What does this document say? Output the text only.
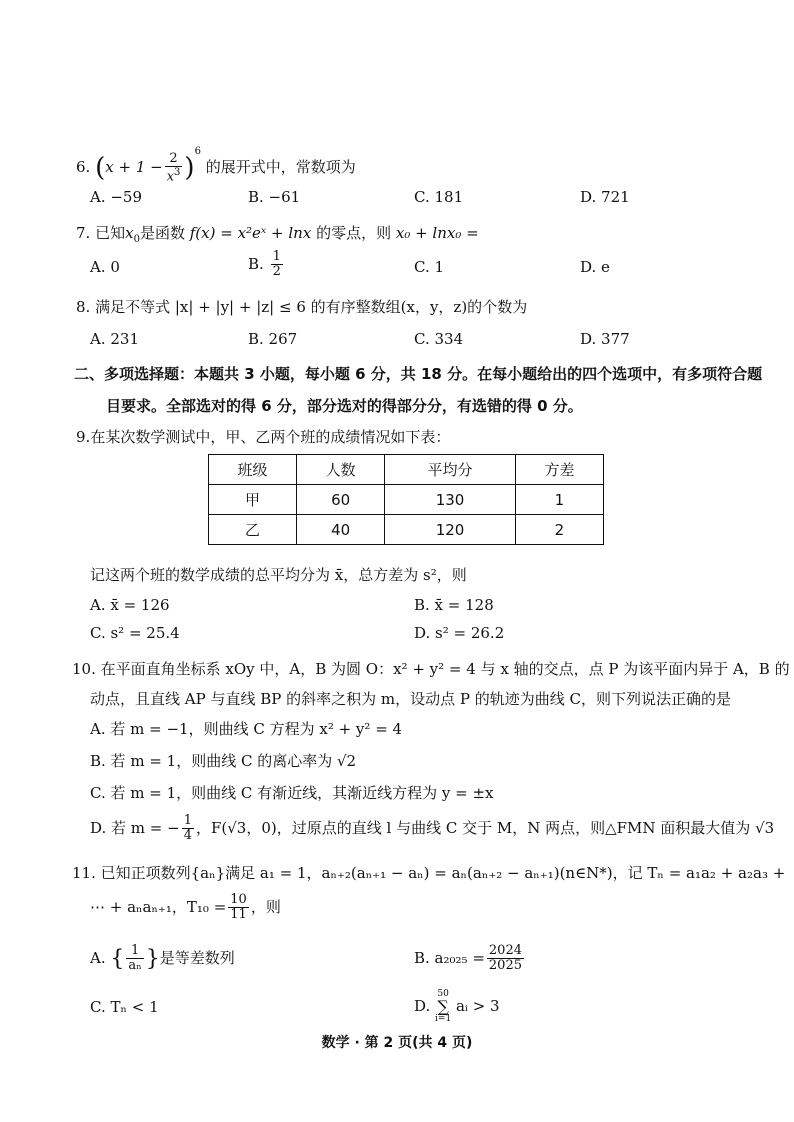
6. $(x + 1 - \frac{2}{x^3} )^6$ 的展开式中，常数项为
A. −59	B. −61	C. 181	D. 721
7. 已知$x_0$是函数 f(x) = x²eˣ + lnx 的零点，则 x₀ + lnx₀ =
A. 0	B. $\frac{1}{2}$	C. 1	D. e
8. 满足不等式 |x| + |y| + |z| ≤ 6 的有序整数组(x，y，z)的个数为
A. 231	B. 267	C. 334	D. 377
二、多项选择题：本题共 3 小题，每小题 6 分，共 18 分。在每小题给出的四个选项中，有多项符合题
目要求。全部选对的得 6 分，部分选对的得部分分，有选错的得 0 分。
9.在某次数学测试中，甲、乙两个班的成绩情况如下表：
班级	人数	平均分	方差
甲	60	130	1
乙	40	120	2
记这两个班的数学成绩的总平均分为 x̄，总方差为 s²，则
A. x̄ = 126	B. x̄ = 128
C. s² = 25.4	D. s² = 26.2
10. 在平面直角坐标系 xOy 中，A，B 为圆 O：x² + y² = 4 与 x 轴的交点，点 P 为该平面内异于 A，B 的
动点，且直线 AP 与直线 BP 的斜率之积为 m，设动点 P 的轨迹为曲线 C，则下列说法正确的是
A. 若 m = −1，则曲线 C 方程为 x² + y² = 4
B. 若 m = 1，则曲线 C 的离心率为 √2
C. 若 m = 1，则曲线 C 有渐近线，其渐近线方程为 y = ±x
D. 若 m = − $\frac{1}{4}$ ，F(√3，0)，过原点的直线 l 与曲线 C 交于 M，N 两点，则△FMN 面积最大值为 √3
11. 已知正项数列{aₙ}满足 a₁ = 1，aₙ₊₂(aₙ₊₁ − aₙ) = aₙ(aₙ₊₂ − aₙ₊₁)(n∈N*)，记 Tₙ = a₁a₂ + a₂a₃ +
⋯ + aₙaₙ₊₁，$T_{10} = \frac{10}{11}$ ，则
A. { $\frac{1}{\text{aₙ}}$ }是等差数列	B. $a_{2025} = \frac{2024}{2025}$
C. Tₙ < 1	D. 50
∑
i=1 aᵢ > 3
数学 · 第 2 页(共 4 页)
